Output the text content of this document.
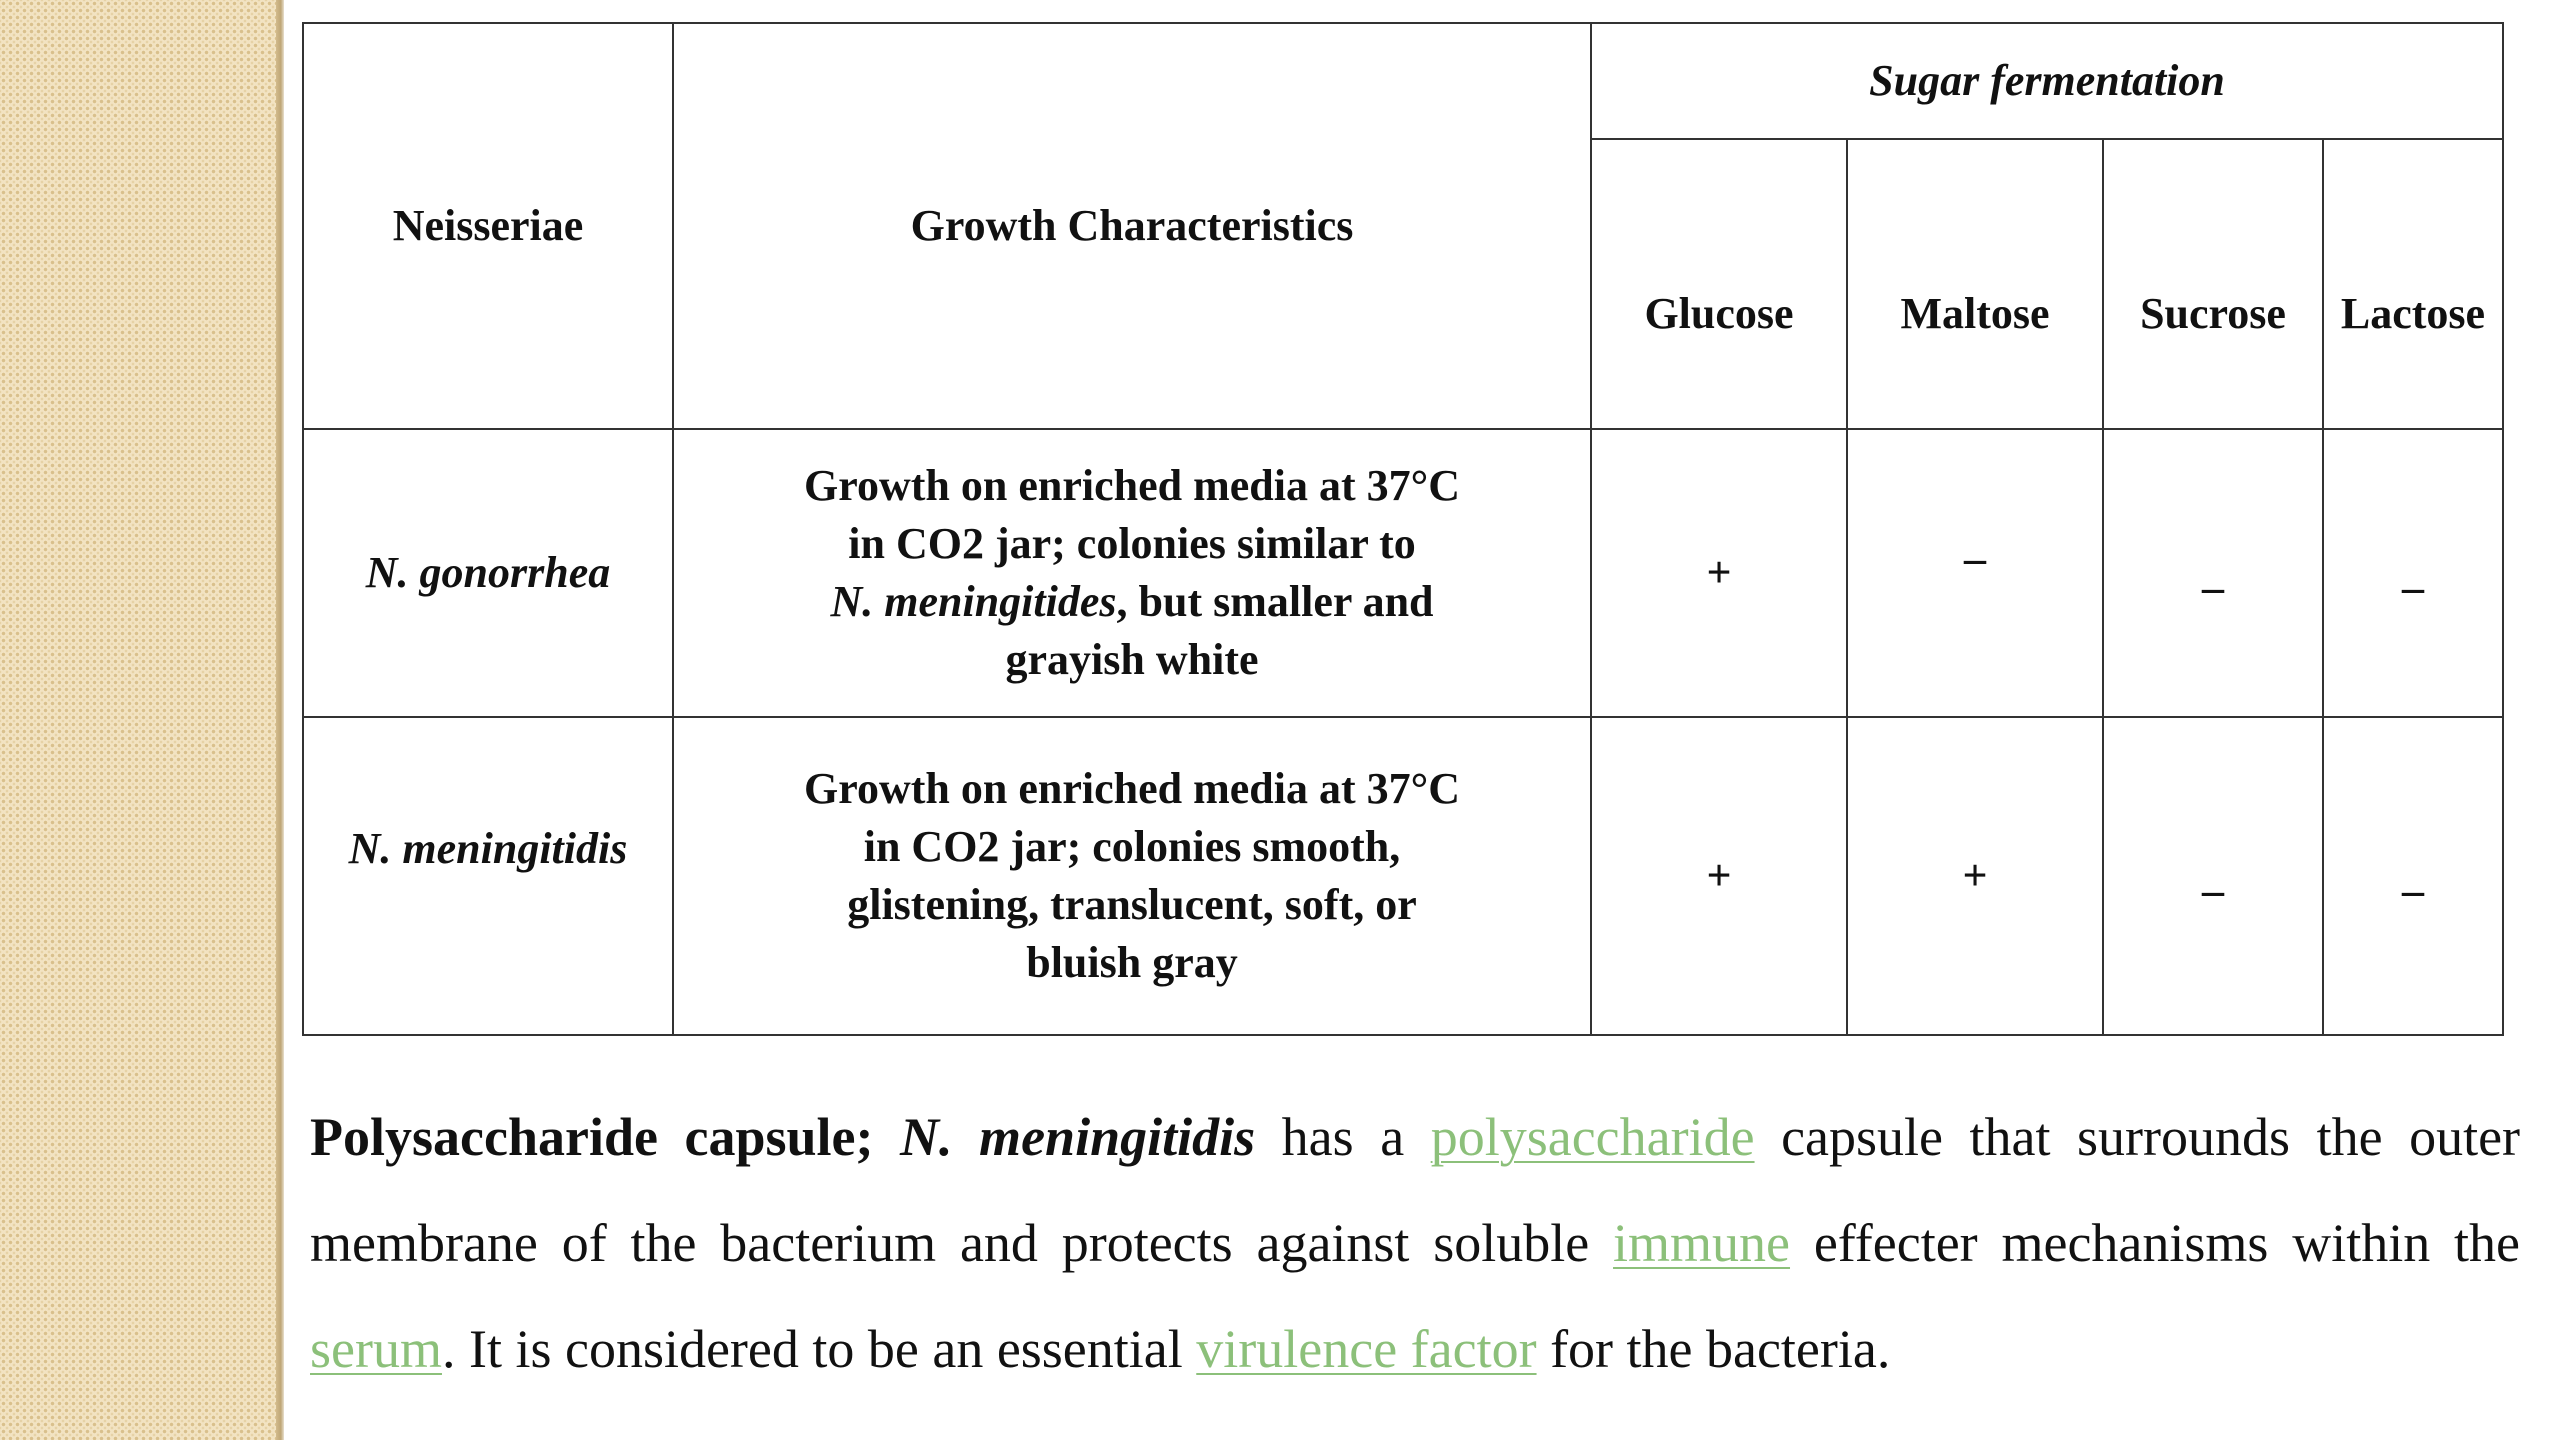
Neisseriae	Growth Characteristics	Sugar fermentation			
		Glucose	Maltose	Sucrose	Lactose
N. gonorrhea	Growth on enriched media at 37°C
in CO2 jar; colonies similar to
N. meningitides, but smaller and
grayish white	+	–	–	–
N. meningitidis	Growth on enriched media at 37°C
in CO2 jar; colonies smooth,
glistening, translucent, soft, or
bluish gray	+	+	–	–

Polysaccharide capsule; N. meningitidis has a polysaccharide capsule that surrounds the outer membrane of the bacterium and protects against soluble immune effecter mechanisms within the serum. It is considered to be an essential virulence factor for the bacteria.
